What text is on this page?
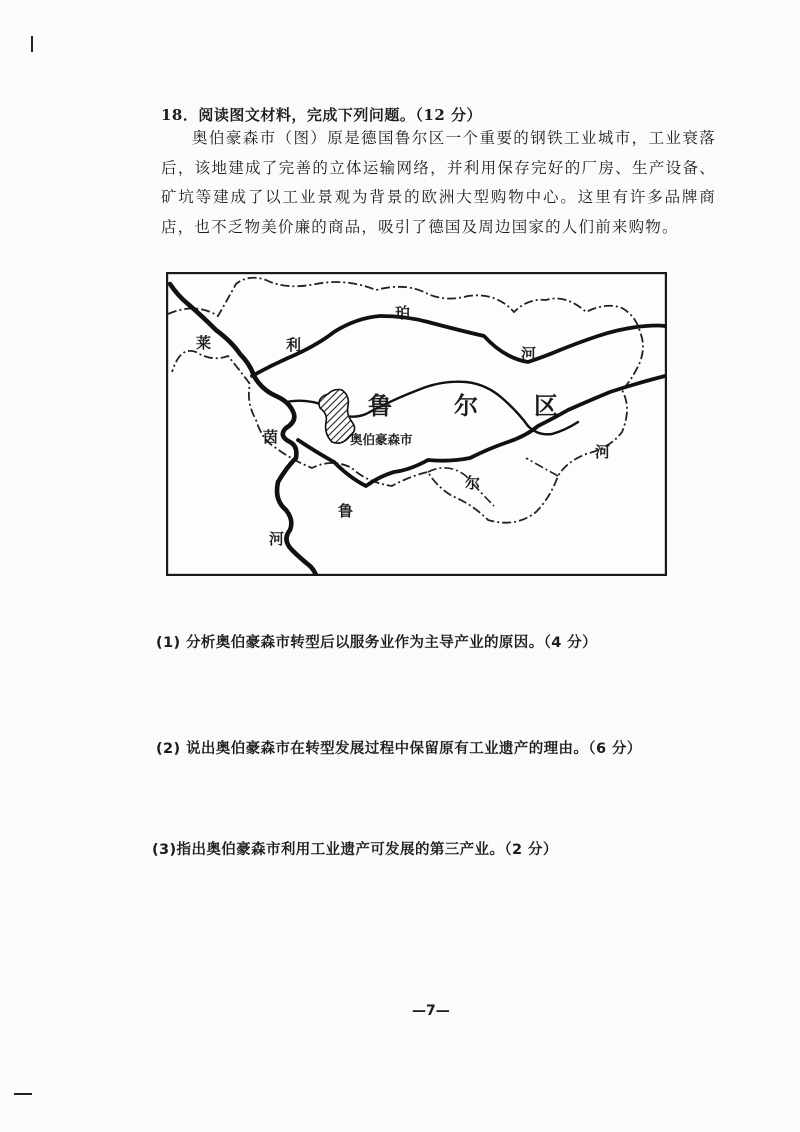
18．阅读图文材料，完成下列问题。（12 分）
奥伯豪森市（图）原是德国鲁尔区一个重要的钢铁工业城市，工业衰落后，该地建成了完善的立体运输网络，并利用保存完好的厂房、生产设备、矿坑等建成了以工业景观为背景的欧洲大型购物中心。这里有许多品牌商店，也不乏物美价廉的商品，吸引了德国及周边国家的人们前来购物。
莱
茵
河
利
珀
河
鲁
尔
河
鲁	尔 区
奥伯豪森市
(1) 分析奥伯豪森市转型后以服务业作为主导产业的原因。（4 分）
(2) 说出奥伯豪森市在转型发展过程中保留原有工业遗产的理由。（6 分）
(3)指出奥伯豪森市利用工业遗产可发展的第三产业。（2 分）
—7—
